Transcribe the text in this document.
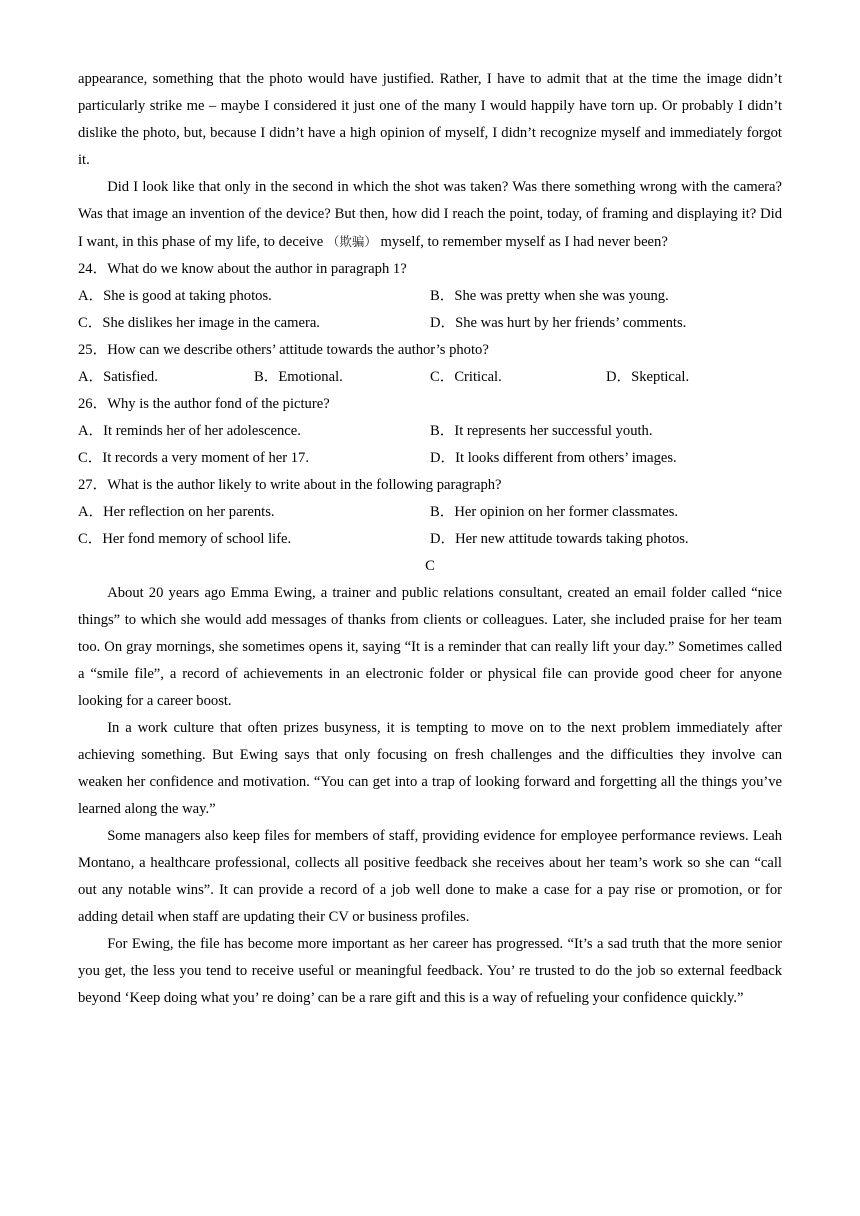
appearance, something that the photo would have justified. Rather, I have to admit that at the time the image didn’t particularly strike me – maybe I considered it just one of the many I would happily have torn up. Or probably I didn’t dislike the photo, but, because I didn’t have a high opinion of myself, I didn’t recognize myself and immediately forgot it.

Did I look like that only in the second in which the shot was taken? Was there something wrong with the camera? Was that image an invention of the device? But then, how did I reach the point, today, of framing and displaying it? Did I want, in this phase of my life, to deceive （欺骗） myself, to remember myself as I had never been?

24．What do we know about the author in paragraph 1?
A．She is good at taking photos.	B．She was pretty when she was young.
C．She dislikes her image in the camera.	D．She was hurt by her friends’ comments.
25．How can we describe others’ attitude towards the author’s photo?
A．Satisfied.	B．Emotional.	C．Critical.	D．Skeptical.
26．Why is the author fond of the picture?
A．It reminds her of her adolescence.	B．It represents her successful youth.
C．It records a very moment of her 17.	D．It looks different from others’ images.
27．What is the author likely to write about in the following paragraph?
A．Her reflection on her parents.	B．Her opinion on her former classmates.
C．Her fond memory of school life.	D．Her new attitude towards taking photos.
C

About 20 years ago Emma Ewing, a trainer and public relations consultant, created an email folder called “nice things” to which she would add messages of thanks from clients or colleagues. Later, she included praise for her team too. On gray mornings, she sometimes opens it, saying “It is a reminder that can really lift your day.” Sometimes called a “smile file”, a record of achievements in an electronic folder or physical file can provide good cheer for anyone looking for a career boost.

In a work culture that often prizes busyness, it is tempting to move on to the next problem immediately after achieving something. But Ewing says that only focusing on fresh challenges and the difficulties they involve can weaken her confidence and motivation. “You can get into a trap of looking forward and forgetting all the things you’ve learned along the way.”

Some managers also keep files for members of staff, providing evidence for employee performance reviews. Leah Montano, a healthcare professional, collects all positive feedback she receives about her team’s work so she can “call out any notable wins”. It can provide a record of a job well done to make a case for a pay rise or promotion, or for adding detail when staff are updating their CV or business profiles.

For Ewing, the file has become more important as her career has progressed. “It’s a sad truth that the more senior you get, the less you tend to receive useful or meaningful feedback. You’ re trusted to do the job so external feedback beyond ‘Keep doing what you’ re doing’ can be a rare gift and this is a way of refueling your confidence quickly.”
